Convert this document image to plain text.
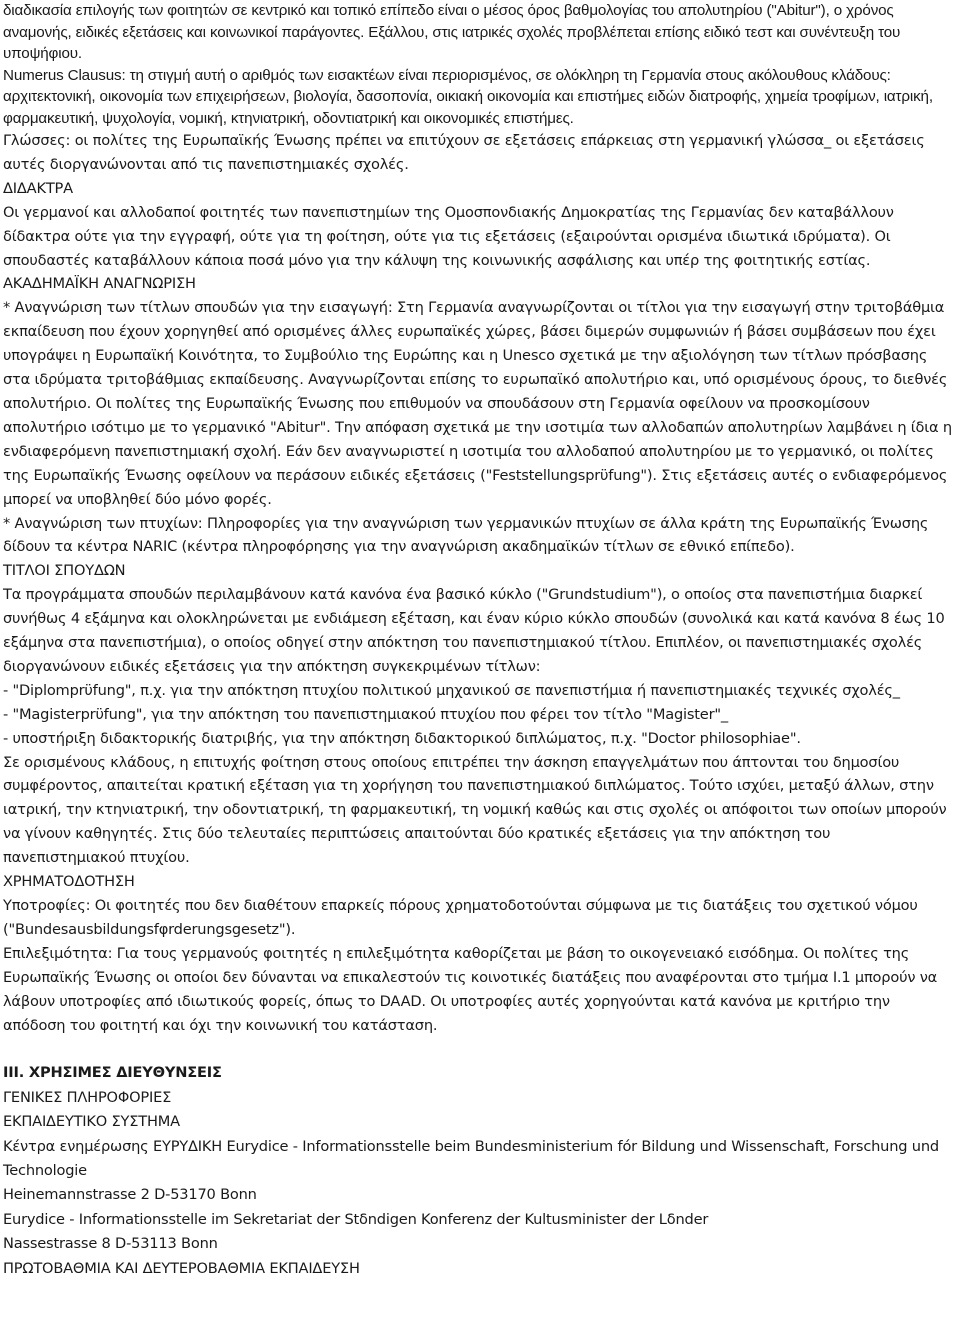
διαδικασία επιλογής των φοιτητών σε κεντρικό και τοπικό επίπεδο είναι ο μέσος όρος βαθμολογίας του απολυτηρίου ("Abitur"), ο χρόνος αναμονής, ειδικές εξετάσεις και κοινωνικοί παράγοντες. Εξάλλου, στις ιατρικές σχολές προβλέπεται επίσης ειδικό τεστ και συνέντευξη του υποψήφιου.

Numerus Clausus: τη στιγμή αυτή ο αριθμός των εισακτέων είναι περιορισμένος, σε ολόκληρη τη Γερμανία στους ακόλουθους κλάδους: αρχιτεκτονική, οικονομία των επιχειρήσεων, βιολογία, δασοπονία, οικιακή οικονομία και επιστήμες ειδών διατροφής, χημεία τροφίμων, ιατρική, φαρμακευτική, ψυχολογία, νομική, κτηνιατρική, οδοντιατρική και οικονομικές επιστήμες.

Γλώσσες: οι πολίτες της Ευρωπαϊκής Ένωσης πρέπει να επιτύχουν σε εξετάσεις επάρκειας στη γερμανική γλώσσα_ οι εξετάσεις αυτές διοργανώνονται από τις πανεπιστημιακές σχολές.

ΔΙΔΑΚΤΡΑ

Οι γερμανοί και αλλοδαποί φοιτητές των πανεπιστημίων της Ομοσπονδιακής Δημοκρατίας της Γερμανίας δεν καταβάλλουν δίδακτρα ούτε για την εγγραφή, ούτε για τη φοίτηση, ούτε για τις εξετάσεις (εξαιρούνται ορισμένα ιδιωτικά ιδρύματα). Οι σπουδαστές καταβάλλουν κάποια ποσά μόνο για την κάλυψη της κοινωνικής ασφάλισης και υπέρ της φοιτητικής εστίας.

ΑΚΑΔΗΜΑΪΚΗ ΑΝΑΓΝΩΡΙΣΗ

* Αναγνώριση των τίτλων σπουδών για την εισαγωγή: Στη Γερμανία αναγνωρίζονται οι τίτλοι για την εισαγωγή στην τριτοβάθμια εκπαίδευση που έχουν χορηγηθεί από ορισμένες άλλες ευρωπαϊκές χώρες, βάσει διμερών συμφωνιών ή βάσει συμβάσεων που έχει υπογράψει η Ευρωπαϊκή Κοινότητα, το Συμβούλιο της Ευρώπης και η Unesco σχετικά με την αξιολόγηση των τίτλων πρόσβασης στα ιδρύματα τριτοβάθμιας εκπαίδευσης. Αναγνωρίζονται επίσης το ευρωπαϊκό απολυτήριο και, υπό ορισμένους όρους, το διεθνές απολυτήριο. Οι πολίτες της Ευρωπαϊκής Ένωσης που επιθυμούν να σπουδάσουν στη Γερμανία οφείλουν να προσκομίσουν απολυτήριο ισότιμο με το γερμανικό "Abitur". Την απόφαση σχετικά με την ισοτιμία των αλλοδαπών απολυτηρίων λαμβάνει η ίδια η ενδιαφερόμενη πανεπιστημιακή σχολή. Εάν δεν αναγνωριστεί η ισοτιμία του αλλοδαπού απολυτηρίου με το γερμανικό, οι πολίτες της Ευρωπαϊκής Ένωσης οφείλουν να περάσουν ειδικές εξετάσεις ("Feststellungsprϋfung"). Στις εξετάσεις αυτές ο ενδιαφερόμενος μπορεί να υποβληθεί δύο μόνο φορές.

* Αναγνώριση των πτυχίων: Πληροφορίες για την αναγνώριση των γερμανικών πτυχίων σε άλλα κράτη της Ευρωπαϊκής Ένωσης δίδουν τα κέντρα NARIC (κέντρα πληροφόρησης για την αναγνώριση ακαδημαϊκών τίτλων σε εθνικό επίπεδο).

ΤΙΤΛΟΙ ΣΠΟΥΔΩΝ

Τα προγράμματα σπουδών περιλαμβάνουν κατά κανόνα ένα βασικό κύκλο ("Grundstudium"), ο οποίος στα πανεπιστήμια διαρκεί συνήθως 4 εξάμηνα και ολοκληρώνεται με ενδιάμεση εξέταση, και έναν κύριο κύκλο σπουδών (συνολικά και κατά κανόνα 8 έως 10 εξάμηνα στα πανεπιστήμια), ο οποίος οδηγεί στην απόκτηση του πανεπιστημιακού τίτλου. Επιπλέον, οι πανεπιστημιακές σχολές διοργανώνουν ειδικές εξετάσεις για την απόκτηση συγκεκριμένων τίτλων:

- "Diplomprϋfung", π.χ. για την απόκτηση πτυχίου πολιτικού μηχανικού σε πανεπιστήμια ή πανεπιστημιακές τεχνικές σχολές_

- "Magisterprϋfung", για την απόκτηση του πανεπιστημιακού πτυχίου που φέρει τον τίτλο "Magister"_

- υποστήριξη διδακτορικής διατριβής, για την απόκτηση διδακτορικού διπλώματος, π.χ. "Doctor philosophiae".

Σε ορισμένους κλάδους, η επιτυχής φοίτηση στους οποίους επιτρέπει την άσκηση επαγγελμάτων που άπτονται του δημοσίου συμφέροντος, απαιτείται κρατική εξέταση για τη χορήγηση του πανεπιστημιακού διπλώματος. Τούτο ισχύει, μεταξύ άλλων, στην ιατρική, την κτηνιατρική, την οδοντιατρική, τη φαρμακευτική, τη νομική καθώς και στις σχολές οι απόφοιτοι των οποίων μπορούν να γίνουν καθηγητές. Στις δύο τελευταίες περιπτώσεις απαιτούνται δύο κρατικές εξετάσεις για την απόκτηση του πανεπιστημιακού πτυχίου.

ΧΡΗΜΑΤΟΔΟΤΗΣΗ

Υποτροφίες: Οι φοιτητές που δεν διαθέτουν επαρκείς πόρους χρηματοδοτούνται σύμφωνα με τις διατάξεις του σχετικού νόμου ("Bundesausbildungsfφrderungsgesetz").

Επιλεξιμότητα: Για τους γερμανούς φοιτητές η επιλεξιμότητα καθορίζεται με βάση το οικογενειακό εισόδημα. Οι πολίτες της Ευρωπαϊκής Ένωσης οι οποίοι δεν δύνανται να επικαλεστούν τις κοινοτικές διατάξεις που αναφέρονται στο τμήμα I.1 μπορούν να λάβουν υποτροφίες από ιδιωτικούς φορείς, όπως το DAAD. Οι υποτροφίες αυτές χορηγούνται κατά κανόνα με κριτήριο την απόδοση του φοιτητή και όχι την κοινωνική του κατάσταση.

III. ΧΡΗΣΙΜΕΣ ΔΙΕΥΘΥΝΣΕΙΣ

ΓΕΝΙΚΕΣ ΠΛΗΡΟΦΟΡΙΕΣ

ΕΚΠΑΙΔΕΥΤΙΚΟ ΣΥΣΤΗΜΑ

Κέντρα ενημέρωσης ΕΥΡΥΔΙΚΗ Eurydice - Informationsstelle beim Bundesministerium fόr Bildung und Wissenschaft, Forschung und Technologie

Heinemannstrasse 2 D-53170 Bonn

Eurydice - Informationsstelle im Sekretariat der Stδndigen Konferenz der Kultusminister der Lδnder

Nassestrasse 8 D-53113 Bonn

ΠΡΩΤΟΒΑΘΜΙΑ ΚΑΙ ΔΕΥΤΕΡΟΒΑΘΜΙΑ ΕΚΠΑΙΔΕΥΣΗ
